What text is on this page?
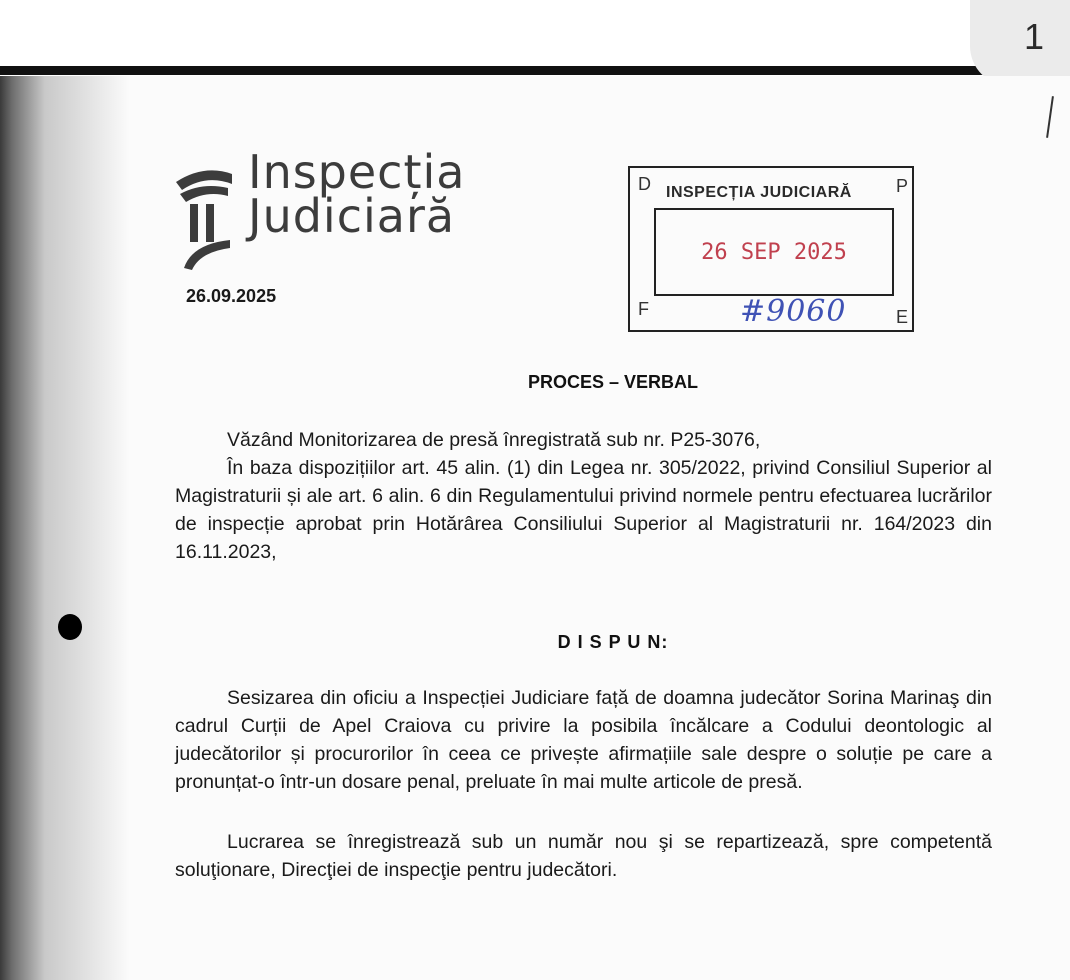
1
Inspecția
Judiciară
26.09.2025
D	P
F	E
INSPECȚIA JUDICIARĂ
26 SEP 2025
#9060
PROCES – VERBAL
Văzând Monitorizarea de presă înregistrată sub nr. P25-3076,
În baza dispozițiilor art. 45 alin. (1) din Legea nr. 305/2022, privind Consiliul Superior al Magistraturii și ale art. 6 alin. 6 din Regulamentului privind normele pentru efectuarea lucrărilor de inspecție aprobat prin Hotărârea Consiliului Superior al Magistraturii nr. 164/2023 din 16.11.2023,
D I S P U N:
Sesizarea din oficiu a Inspecției Judiciare față de doamna judecător Sorina Marinaş din cadrul Curții de Apel Craiova cu privire la posibila încălcare a Codului deontologic al judecătorilor și procurorilor în ceea ce privește afirmațiile sale despre o soluție pe care a pronunțat-o într-un dosare penal, preluate în mai multe articole de presă.
Lucrarea se înregistrează sub un număr nou şi se repartizează, spre competentă soluţionare, Direcţiei de inspecţie pentru judecători.
